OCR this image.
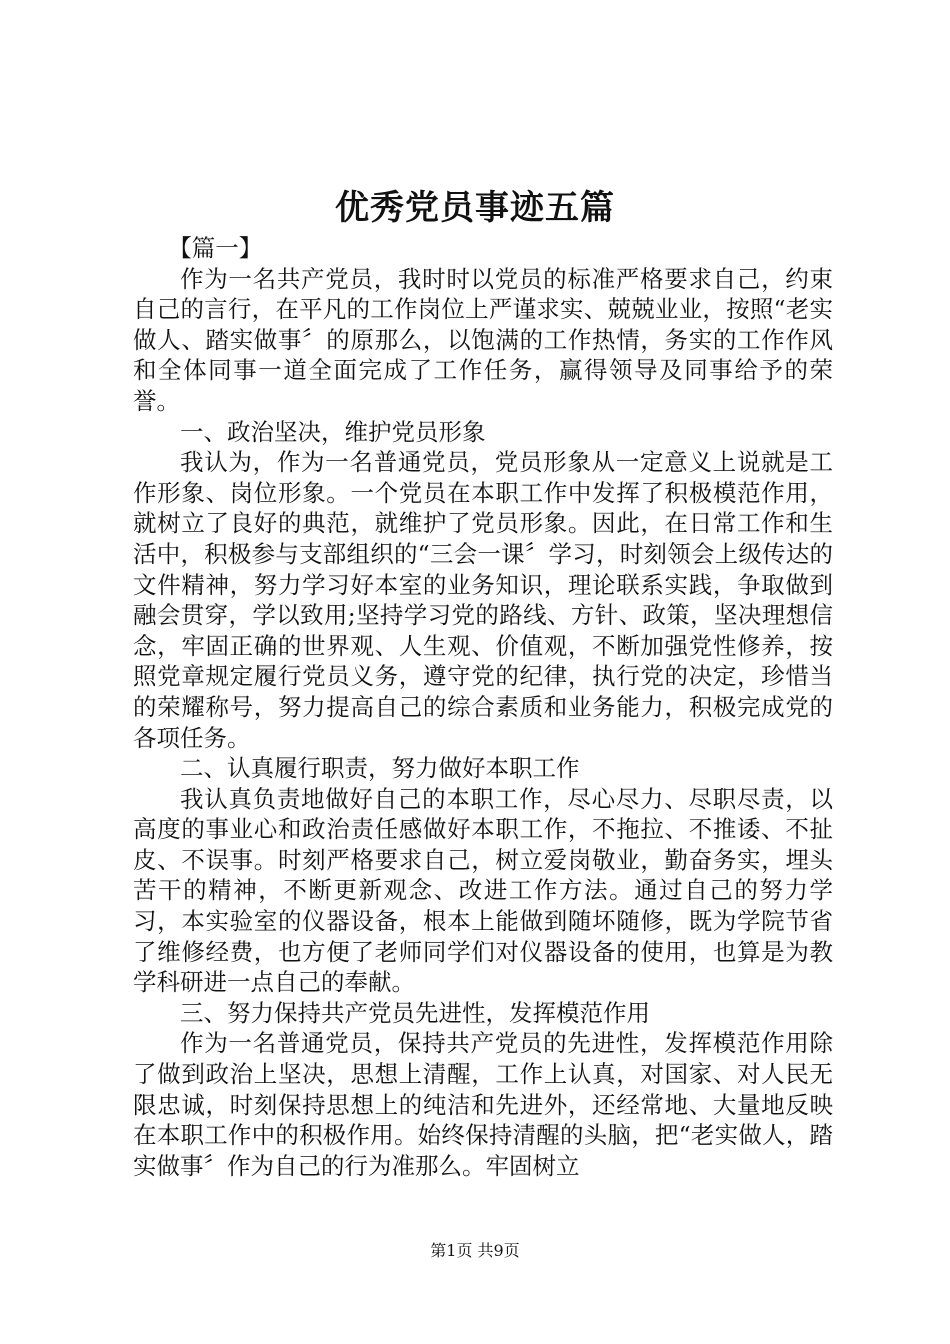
优秀党员事迹五篇

【篇一】

作为一名共产党员，我时时以党员的标准严格要求自己，约束自己的言行，在平凡的工作岗位上严谨求实、兢兢业业，按照“老实做人、踏实做事〞的原那么，以饱满的工作热情，务实的工作作风和全体同事一道全面完成了工作任务，赢得领导及同事给予的荣誉。

一、政治坚决，维护党员形象

我认为，作为一名普通党员，党员形象从一定意义上说就是工作形象、岗位形象。一个党员在本职工作中发挥了积极模范作用，就树立了良好的典范，就维护了党员形象。因此，在日常工作和生活中，积极参与支部组织的“三会一课〞学习，时刻领会上级传达的文件精神，努力学习好本室的业务知识，理论联系实践，争取做到融会贯穿，学以致用;坚持学习党的路线、方针、政策，坚决理想信念，牢固正确的世界观、人生观、价值观，不断加强党性修养，按照党章规定履行党员义务，遵守党的纪律，执行党的决定，珍惜当的荣耀称号，努力提高自己的综合素质和业务能力，积极完成党的各项任务。

二、认真履行职责，努力做好本职工作

我认真负责地做好自己的本职工作，尽心尽力、尽职尽责，以高度的事业心和政治责任感做好本职工作，不拖拉、不推诿、不扯皮、不误事。时刻严格要求自己，树立爱岗敬业，勤奋务实，埋头苦干的精神，不断更新观念、改进工作方法。通过自己的努力学习，本实验室的仪器设备，根本上能做到随坏随修，既为学院节省了维修经费，也方便了老师同学们对仪器设备的使用，也算是为教学科研进一点自己的奉献。

三、努力保持共产党员先进性，发挥模范作用

作为一名普通党员，保持共产党员的先进性，发挥模范作用除了做到政治上坚决，思想上清醒，工作上认真，对国家、对人民无限忠诚，时刻保持思想上的纯洁和先进外，还经常地、大量地反映在本职工作中的积极作用。始终保持清醒的头脑，把“老实做人，踏实做事〞作为自己的行为准那么。牢固树立

第1页 共9页
